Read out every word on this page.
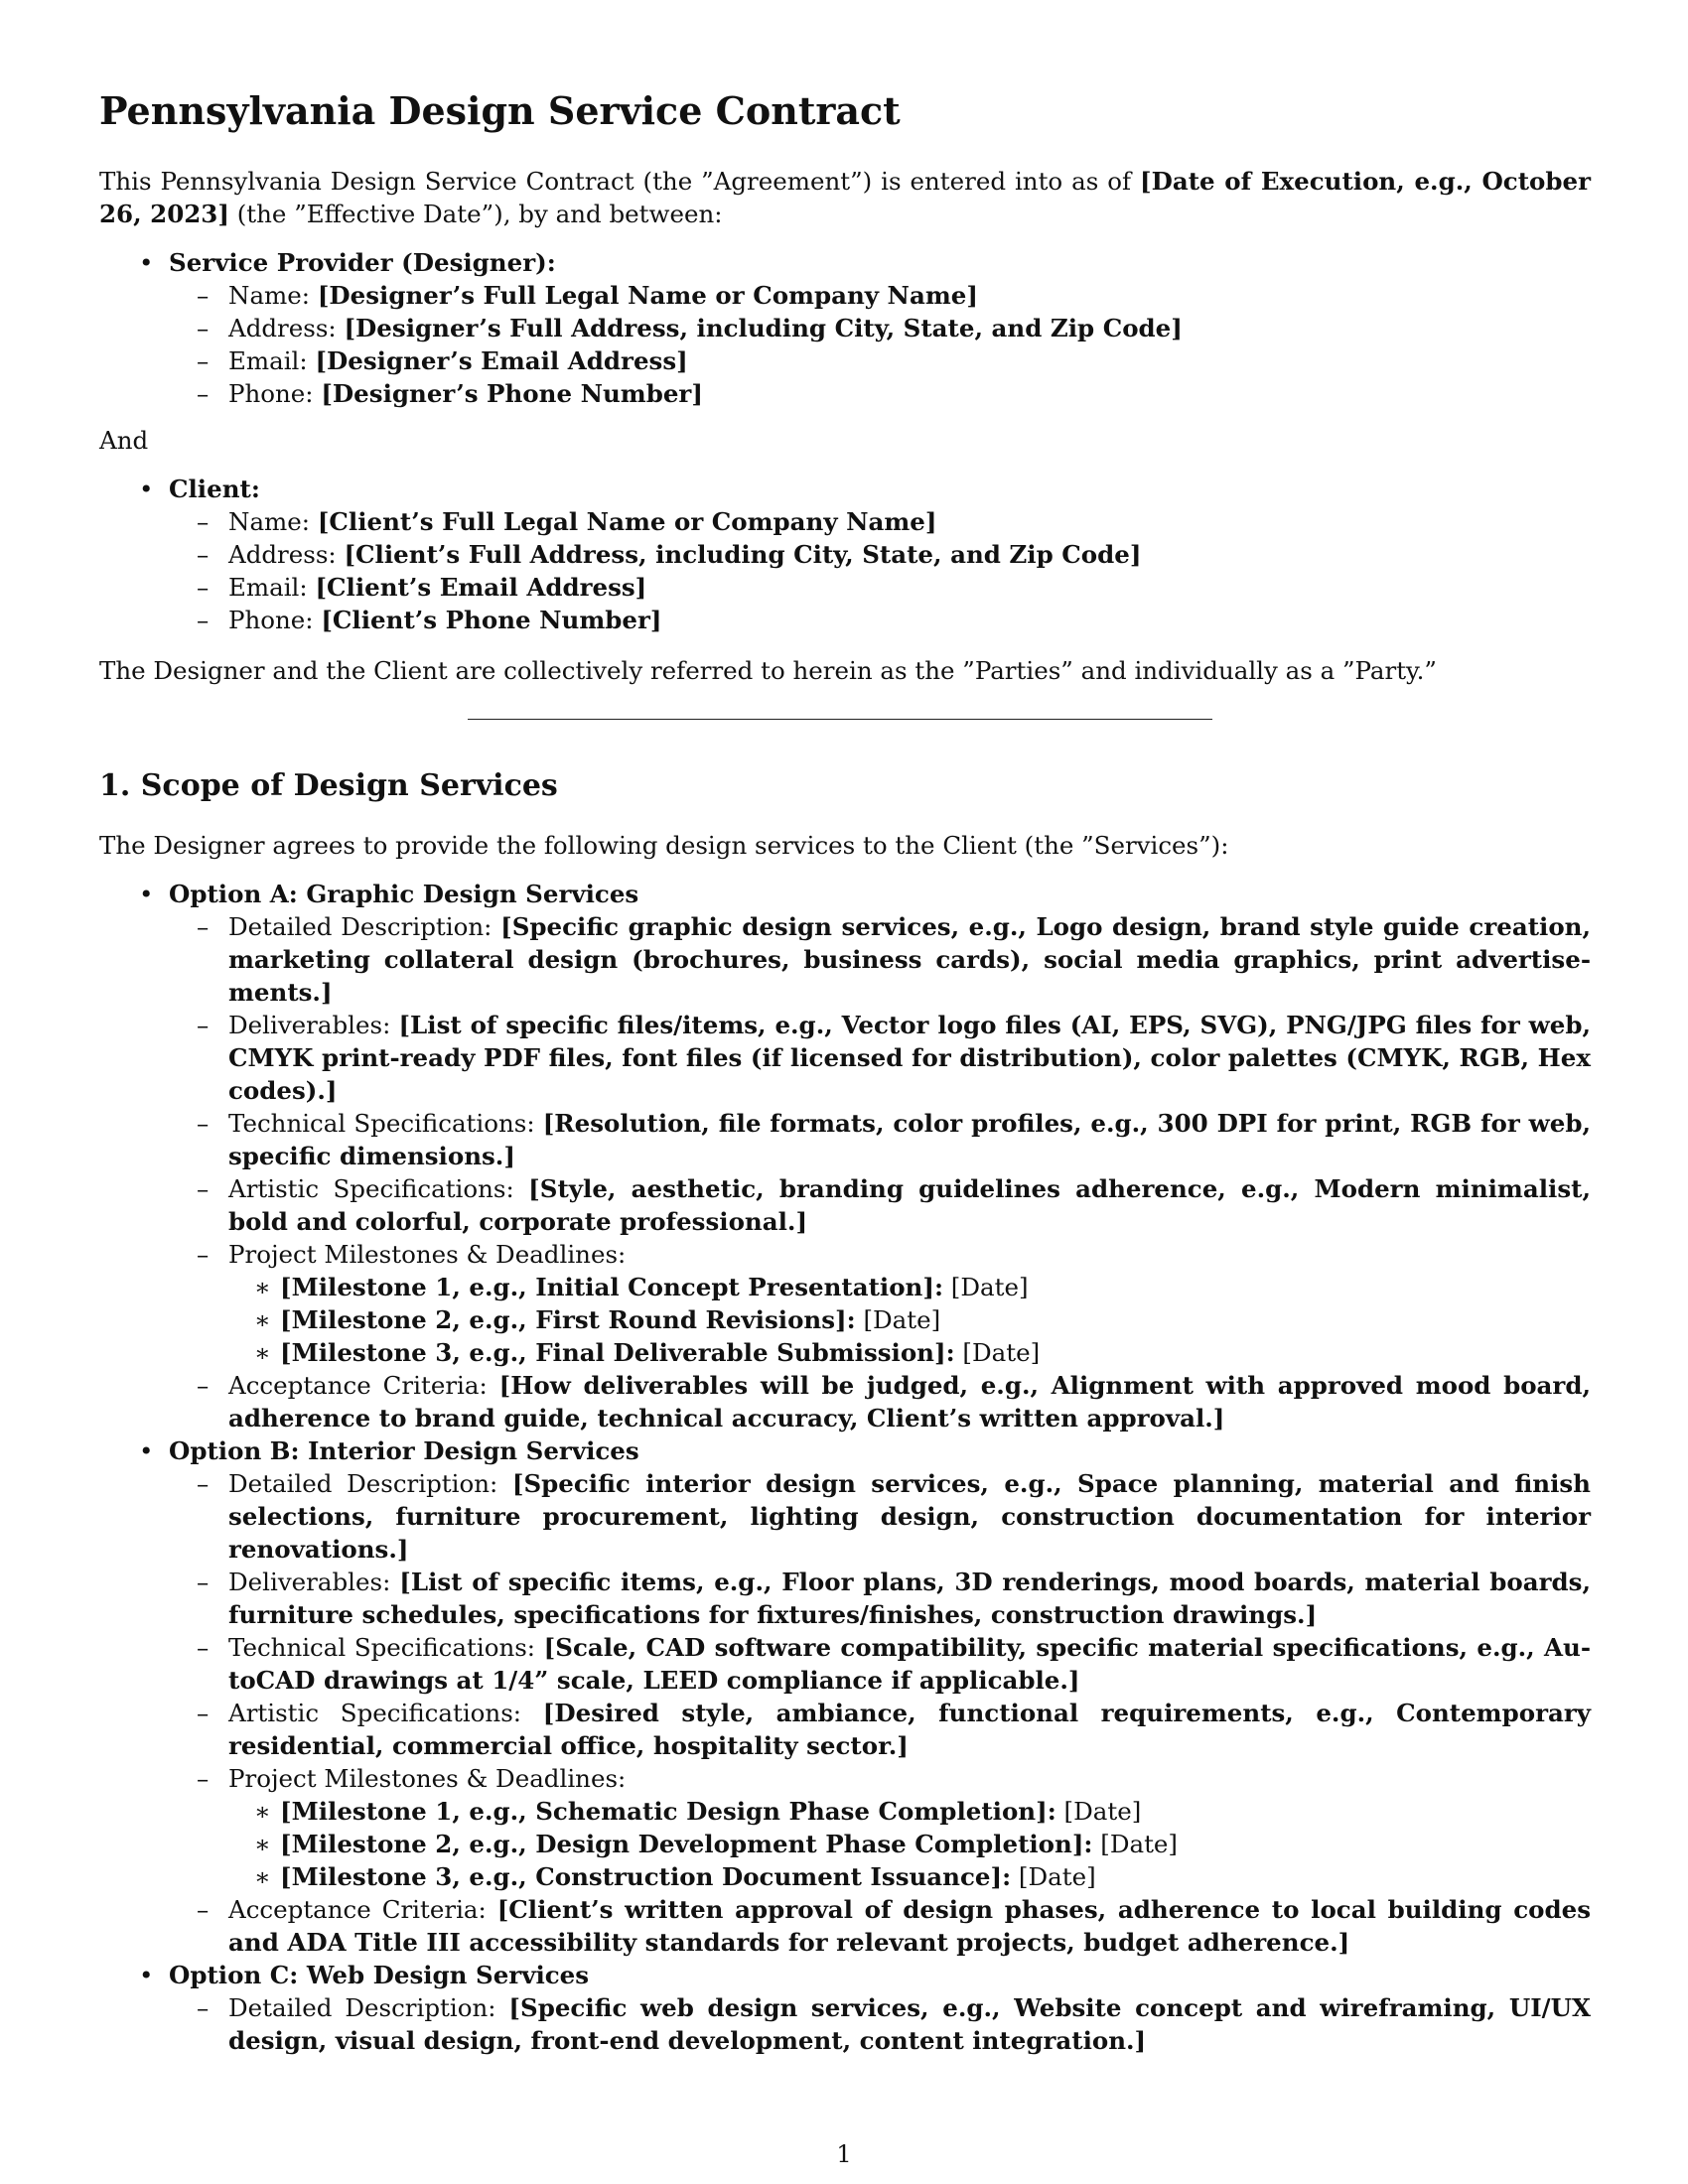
Pennsylvania Design Service Contract

This Pennsylvania Design Service Contract (the ”Agreement”) is entered into as of [Date of Execution, e.g., October 26, 2023] (the ”Effective Date”), by and between:

• Service Provider (Designer):
– Name: [Designer’s Full Legal Name or Company Name]
– Address: [Designer’s Full Address, including City, State, and Zip Code]
– Email: [Designer’s Email Address]
– Phone: [Designer’s Phone Number]
And
• Client:
– Name: [Client’s Full Legal Name or Company Name]
– Address: [Client’s Full Address, including City, State, and Zip Code]
– Email: [Client’s Email Address]
– Phone: [Client’s Phone Number]

The Designer and the Client are collectively referred to herein as the ”Parties” and individually as a ”Party.”

1. Scope of Design Services

The Designer agrees to provide the following design services to the Client (the ”Services”):

• Option A: Graphic Design Services
– Detailed Description: [Specific graphic design services, e.g., Logo design, brand style guide creation, marketing collateral design (brochures, business cards), social media graphics, print advertisements.]
– Deliverables: [List of specific files/items, e.g., Vector logo files (AI, EPS, SVG), PNG/JPG files for web, CMYK print-ready PDF files, font files (if licensed for distribution), color palettes (CMYK, RGB, Hex codes).]
– Technical Specifications: [Resolution, file formats, color profiles, e.g., 300 DPI for print, RGB for web, specific dimensions.]
– Artistic Specifications: [Style, aesthetic, branding guidelines adherence, e.g., Modern minimalist, bold and colorful, corporate professional.]
– Project Milestones & Deadlines:
∗ [Milestone 1, e.g., Initial Concept Presentation]: [Date]
∗ [Milestone 2, e.g., First Round Revisions]: [Date]
∗ [Milestone 3, e.g., Final Deliverable Submission]: [Date]
– Acceptance Criteria: [How deliverables will be judged, e.g., Alignment with approved mood board, adherence to brand guide, technical accuracy, Client’s written approval.]
• Option B: Interior Design Services
– Detailed Description: [Specific interior design services, e.g., Space planning, material and finish selections, furniture procurement, lighting design, construction documentation for interior renovations.]
– Deliverables: [List of specific items, e.g., Floor plans, 3D renderings, mood boards, material boards, furniture schedules, specifications for fixtures/finishes, construction drawings.]
– Technical Specifications: [Scale, CAD software compatibility, specific material specifications, e.g., AutoCAD drawings at 1/4” scale, LEED compliance if applicable.]
– Artistic Specifications: [Desired style, ambiance, functional requirements, e.g., Contemporary residential, commercial office, hospitality sector.]
– Project Milestones & Deadlines:
∗ [Milestone 1, e.g., Schematic Design Phase Completion]: [Date]
∗ [Milestone 2, e.g., Design Development Phase Completion]: [Date]
∗ [Milestone 3, e.g., Construction Document Issuance]: [Date]
– Acceptance Criteria: [Client’s written approval of design phases, adherence to local building codes and ADA Title III accessibility standards for relevant projects, budget adherence.]
• Option C: Web Design Services
– Detailed Description: [Specific web design services, e.g., Website concept and wireframing, UI/UX design, visual design, front-end development, content integration.]
1
